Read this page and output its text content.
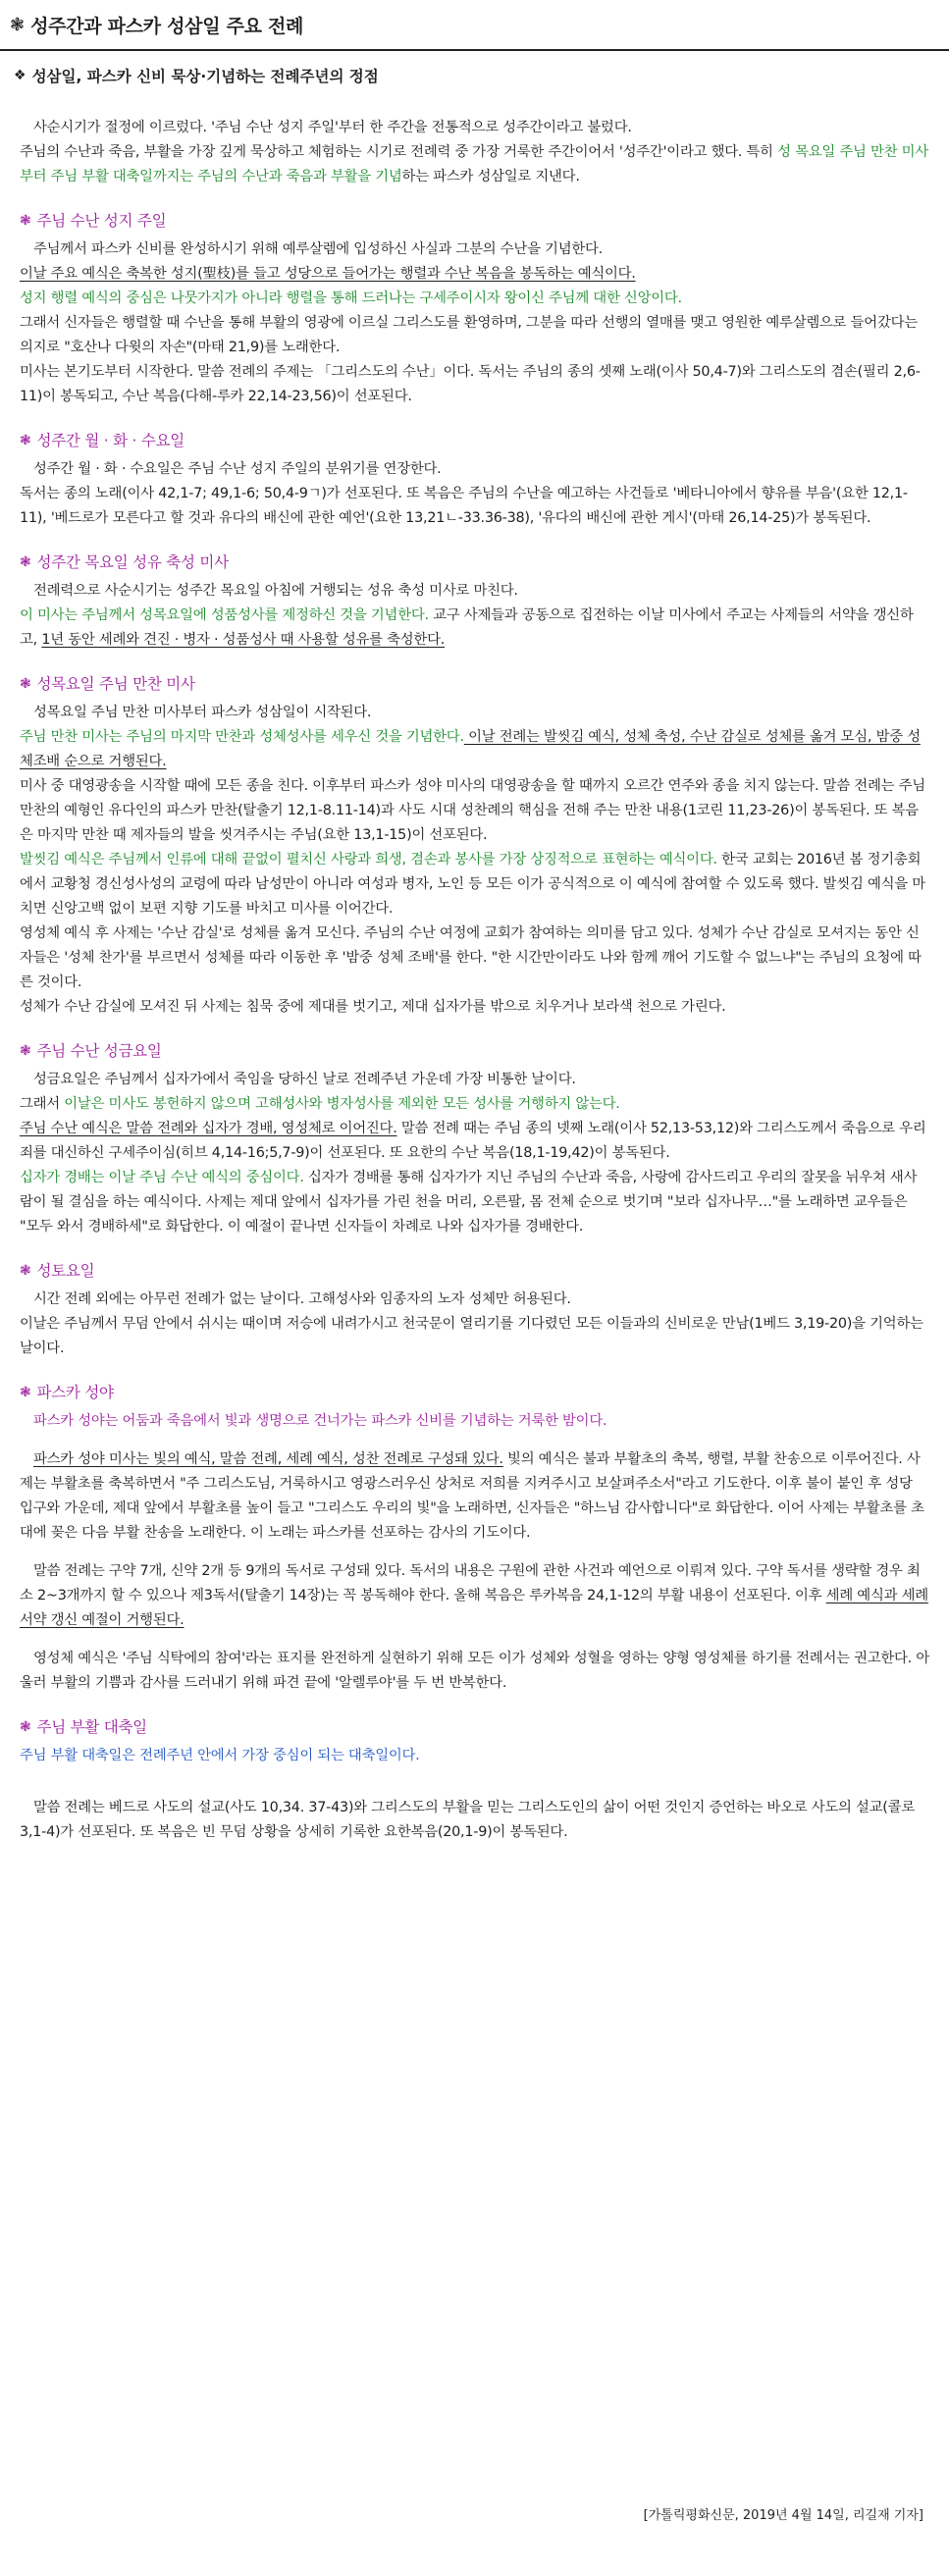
❃ 성주간과 파스카 성삼일 주요 전례
❖ 성삼일, 파스카 신비 묵상·기념하는 전례주년의 정점

사순시기가 절정에 이르렀다. '주님 수난 성지 주일'부터 한 주간을 전통적으로 성주간이라고 불렀다.

주님의 수난과 죽음, 부활을 가장 깊게 묵상하고 체험하는 시기로 전례력 중 가장 거룩한 주간이어서 '성주간'이라고 했다. 특히 성 목요일 주님 만찬 미사부터 주님 부활 대축일까지는 주님의 수난과 죽음과 부활을 기념하는 파스카 성삼일로 지낸다.

❃ 주님 수난 성지 주일

주님께서 파스카 신비를 완성하시기 위해 예루살렘에 입성하신 사실과 그분의 수난을 기념한다.

이날 주요 예식은 축복한 성지(聖枝)를 들고 성당으로 들어가는 행렬과 수난 복음을 봉독하는 예식이다.

성지 행렬 예식의 중심은 나뭇가지가 아니라 행렬을 통해 드러나는 구세주이시자 왕이신 주님께 대한 신앙이다.

그래서 신자들은 행렬할 때 수난을 통해 부활의 영광에 이르실 그리스도를 환영하며, 그분을 따라 선행의 열매를 맺고 영원한 예루살렘으로 들어갔다는 의지로 "호산나 다윗의 자손"(마태 21,9)를 노래한다.

미사는 본기도부터 시작한다. 말씀 전례의 주제는 「그리스도의 수난」이다. 독서는 주님의 종의 셋째 노래(이사 50,4-7)와 그리스도의 겸손(필리 2,6-11)이 봉독되고, 수난 복음(다해-루카 22,14-23,56)이 선포된다.

❃ 성주간 월 · 화 · 수요일

성주간 월 · 화 · 수요일은 주님 수난 성지 주일의 분위기를 연장한다.

독서는 종의 노래(이사 42,1-7; 49,1-6; 50,4-9ㄱ)가 선포된다. 또 복음은 주님의 수난을 예고하는 사건들로 '베타니아에서 향유를 부음'(요한 12,1-11), '베드로가 모른다고 할 것과 유다의 배신에 관한 예언'(요한 13,21ㄴ-33.36-38), '유다의 배신에 관한 게시'(마태 26,14-25)가 봉독된다.

❃ 성주간 목요일 성유 축성 미사

전례력으로 사순시기는 성주간 목요일 아침에 거행되는 성유 축성 미사로 마친다.

이 미사는 주님께서 성목요일에 성품성사를 제정하신 것을 기념한다. 교구 사제들과 공동으로 집전하는 이날 미사에서 주교는 사제들의 서약을 갱신하고, 1년 동안 세례와 견진 · 병자 · 성품성사 때 사용할 성유를 축성한다.

❃ 성목요일 주님 만찬 미사

성목요일 주님 만찬 미사부터 파스카 성삼일이 시작된다.

주님 만찬 미사는 주님의 마지막 만찬과 성체성사를 세우신 것을 기념한다. 이날 전례는 발씻김 예식, 성체 축성, 수난 감실로 성체를 옮겨 모심, 밤중 성체조배 순으로 거행된다.

미사 중 대영광송을 시작할 때에 모든 종을 친다. 이후부터 파스카 성야 미사의 대영광송을 할 때까지 오르간 연주와 종을 치지 않는다. 말씀 전례는 주님 만찬의 예형인 유다인의 파스카 만찬(탈출기 12,1-8.11-14)과 사도 시대 성찬례의 핵심을 전해 주는 만찬 내용(1코린 11,23-26)이 봉독된다. 또 복음은 마지막 만찬 때 제자들의 발을 씻겨주시는 주님(요한 13,1-15)이 선포된다.

발씻김 예식은 주님께서 인류에 대해 끝없이 펼치신 사랑과 희생, 겸손과 봉사를 가장 상징적으로 표현하는 예식이다. 한국 교회는 2016년 봄 정기총회에서 교황청 경신성사성의 교령에 따라 남성만이 아니라 여성과 병자, 노인 등 모든 이가 공식적으로 이 예식에 참여할 수 있도록 했다. 발씻김 예식을 마치면 신앙고백 없이 보편 지향 기도를 바치고 미사를 이어간다.

영성체 예식 후 사제는 '수난 감실'로 성체를 옮겨 모신다. 주님의 수난 여정에 교회가 참여하는 의미를 담고 있다. 성체가 수난 감실로 모셔지는 동안 신자들은 '성체 찬가'를 부르면서 성체를 따라 이동한 후 '밤중 성체 조배'를 한다. "한 시간만이라도 나와 함께 깨어 기도할 수 없느냐"는 주님의 요청에 따른 것이다.

성체가 수난 감실에 모셔진 뒤 사제는 침묵 중에 제대를 벗기고, 제대 십자가를 밖으로 치우거나 보라색 천으로 가린다.

❃ 주님 수난 성금요일

성금요일은 주님께서 십자가에서 죽임을 당하신 날로 전례주년 가운데 가장 비통한 날이다.

그래서 이날은 미사도 봉헌하지 않으며 고해성사와 병자성사를 제외한 모든 성사를 거행하지 않는다.

주님 수난 예식은 말씀 전례와 십자가 경배, 영성체로 이어진다. 말씀 전례 때는 주님 종의 넷째 노래(이사 52,13-53,12)와 그리스도께서 죽음으로 우리 죄를 대신하신 구세주이심(히브 4,14-16;5,7-9)이 선포된다. 또 요한의 수난 복음(18,1-19,42)이 봉독된다.

십자가 경배는 이날 주님 수난 예식의 중심이다. 십자가 경배를 통해 십자가가 지닌 주님의 수난과 죽음, 사랑에 감사드리고 우리의 잘못을 뉘우쳐 새사람이 될 결심을 하는 예식이다. 사제는 제대 앞에서 십자가를 가린 천을 머리, 오른팔, 몸 전체 순으로 벗기며 "보라 십자나무…"를 노래하면 교우들은 "모두 와서 경배하세"로 화답한다. 이 예절이 끝나면 신자들이 차례로 나와 십자가를 경배한다.

❃ 성토요일

시간 전례 외에는 아무런 전례가 없는 날이다. 고해성사와 임종자의 노자 성체만 허용된다.

이날은 주님께서 무덤 안에서 쉬시는 때이며 저승에 내려가시고 천국문이 열리기를 기다렸던 모든 이들과의 신비로운 만남(1베드 3,19-20)을 기억하는 날이다.

❃ 파스카 성야

파스카 성야는 어둠과 죽음에서 빛과 생명으로 건너가는 파스카 신비를 기념하는 거룩한 밤이다.

파스카 성야 미사는 빛의 예식, 말씀 전례, 세례 예식, 성찬 전례로 구성돼 있다. 빛의 예식은 불과 부활초의 축복, 행렬, 부활 찬송으로 이루어진다. 사제는 부활초를 축복하면서 "주 그리스도님, 거룩하시고 영광스러우신 상처로 저희를 지켜주시고 보살펴주소서"라고 기도한다. 이후 불이 붙인 후 성당 입구와 가운데, 제대 앞에서 부활초를 높이 들고 "그리스도 우리의 빛"을 노래하면, 신자들은 "하느님 감사합니다"로 화답한다. 이어 사제는 부활초를 초대에 꽂은 다음 부활 찬송을 노래한다. 이 노래는 파스카를 선포하는 감사의 기도이다.

말씀 전례는 구약 7개, 신약 2개 등 9개의 독서로 구성돼 있다. 독서의 내용은 구원에 관한 사건과 예언으로 이뤄져 있다. 구약 독서를 생략할 경우 최소 2~3개까지 할 수 있으나 제3독서(탈출기 14장)는 꼭 봉독해야 한다. 올해 복음은 루카복음 24,1-12의 부활 내용이 선포된다. 이후 세례 예식과 세례 서약 갱신 예절이 거행된다.

영성체 예식은 '주님 식탁에의 참여'라는 표지를 완전하게 실현하기 위해 모든 이가 성체와 성혈을 영하는 양형 영성체를 하기를 전례서는 권고한다. 아울러 부활의 기쁨과 감사를 드러내기 위해 파견 끝에 '알렐루야'를 두 번 반복한다.

❃ 주님 부활 대축일

주님 부활 대축일은 전례주년 안에서 가장 중심이 되는 대축일이다.

말씀 전례는 베드로 사도의 설교(사도 10,34. 37-43)와 그리스도의 부활을 믿는 그리스도인의 삶이 어떤 것인지 증언하는 바오로 사도의 설교(콜로 3,1-4)가 선포된다. 또 복음은 빈 무덤 상황을 상세히 기록한 요한복음(20,1-9)이 봉독된다.

[가톨릭평화신문, 2019년 4월 14일, 리길재 기자]
